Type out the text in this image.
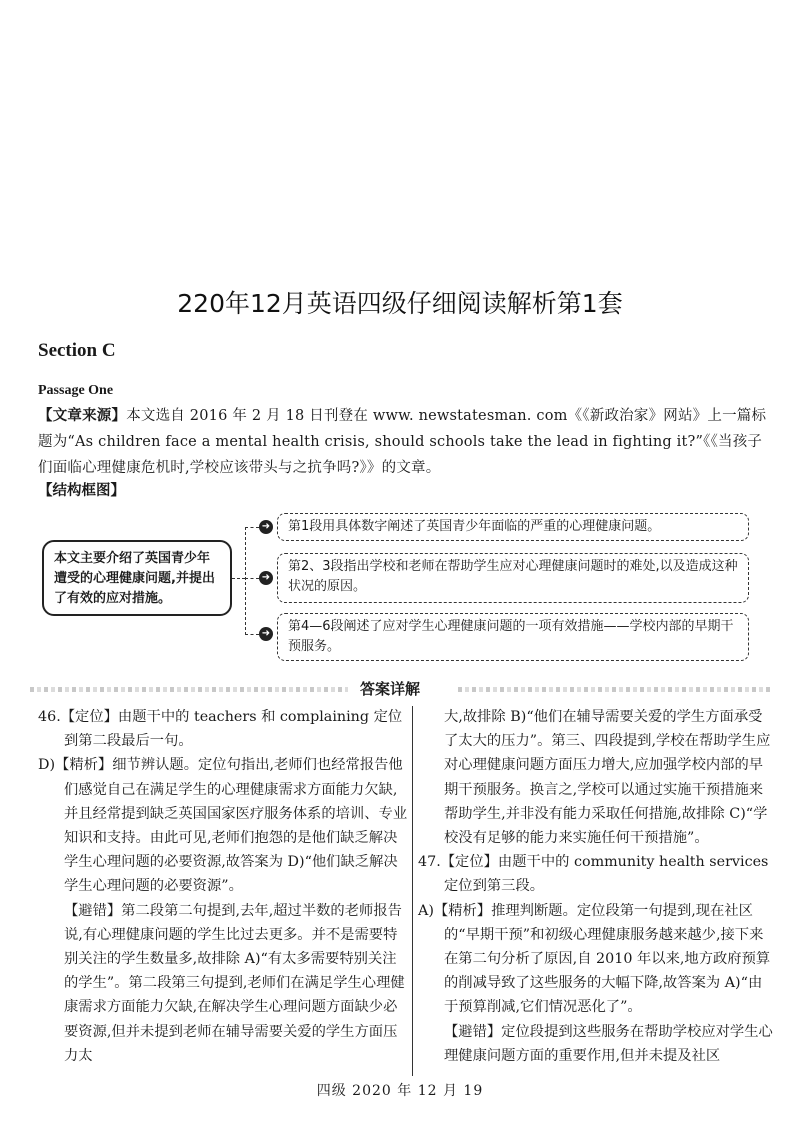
220年12月英语四级仔细阅读解析第1套
Section C
Passage One
【文章来源】本文选自 2016 年 2 月 18 日刊登在 www. newstatesman. com《《新政治家》网站》上一篇标题为“As children face a mental health crisis, should schools take the lead in fighting it?”《《当孩子们面临心理健康危机时,学校应该带头与之抗争吗?》》的文章。
【结构框图】
本文主要介绍了英国青少年遭受的心理健康问题,并提出了有效的应对措施。
➜	第1段用具体数字阐述了英国青少年面临的严重的心理健康问题。
➜
第2、3段指出学校和老师在帮助学生应对心理健康问题时的难处,以及造成这种状况的原因。
➜	第4—6段阐述了应对学生心理健康问题的一项有效措施——学校内部的早期干预服务。
答案详解

46.【定位】由题干中的 teachers 和 complaining 定位到第二段最后一句。

D)【精析】细节辨认题。定位句指出,老师们也经常报告他们感觉自己在满足学生的心理健康需求方面能力欠缺,并且经常提到缺乏英国国家医疗服务体系的培训、专业知识和支持。由此可见,老师们抱怨的是他们缺乏解决学生心理问题的必要资源,故答案为 D)“他们缺乏解决学生心理问题的必要资源”。

【避错】第二段第二句提到,去年,超过半数的老师报告说,有心理健康问题的学生比过去更多。并不是需要特别关注的学生数量多,故排除 A)“有太多需要特别关注的学生”。第二段第三句提到,老师们在满足学生心理健康需求方面能力欠缺,在解决学生心理问题方面缺少必要资源,但并未提到老师在辅导需要关爱的学生方面压力太

大,故排除 B)“他们在辅导需要关爱的学生方面承受了太大的压力”。第三、四段提到,学校在帮助学生应对心理健康问题方面压力增大,应加强学校内部的早期干预服务。换言之,学校可以通过实施干预措施来帮助学生,并非没有能力采取任何措施,故排除 C)“学校没有足够的能力来实施任何干预措施”。

47.【定位】由题干中的 community health services 定位到第三段。

A)【精析】推理判断题。定位段第一句提到,现在社区的“早期干预”和初级心理健康服务越来越少,接下来在第二句分析了原因,自 2010 年以来,地方政府预算的削减导致了这些服务的大幅下降,故答案为 A)“由于预算削减,它们情况恶化了”。

【避错】定位段提到这些服务在帮助学校应对学生心理健康问题方面的重要作用,但并未提及社区

四级 2020 年 12 月 19
